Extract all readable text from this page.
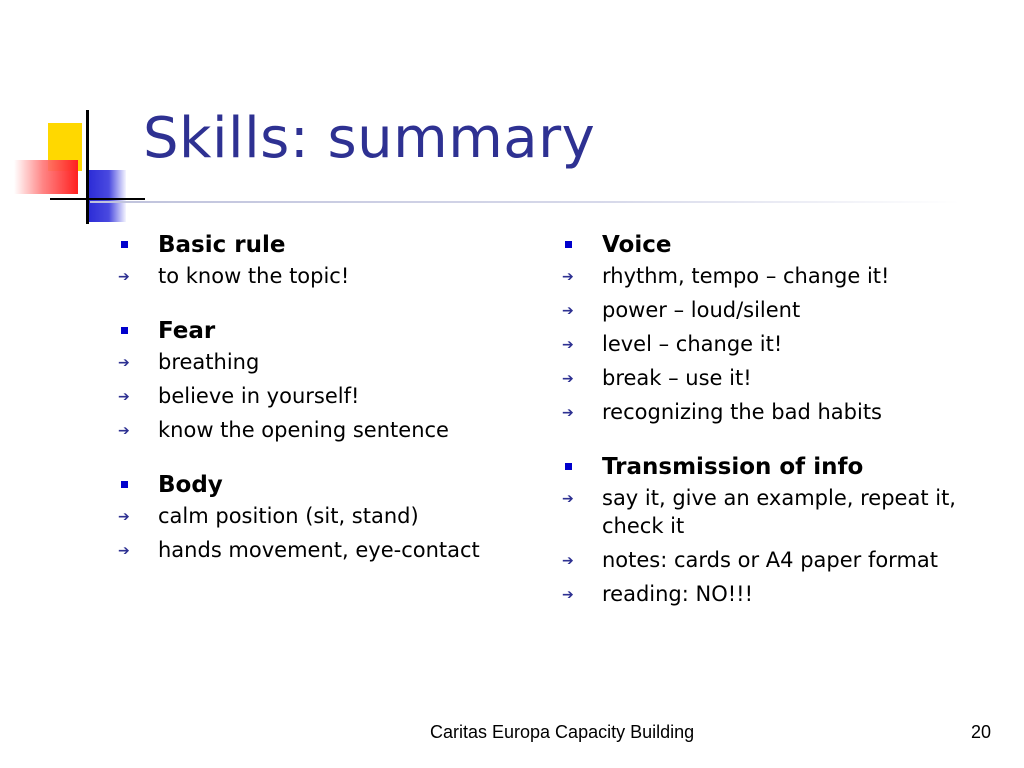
Skills: summary
Basic rule
➔	to know the topic!
Fear
➔	breathing
➔	believe in yourself!
➔	know the opening sentence
Body
➔	calm position (sit, stand)
➔	hands movement, eye-contact
Voice
➔	rhythm, tempo – change it!
➔	power – loud/silent
➔	level – change it!
➔	break – use it!
➔	recognizing the bad habits
Transmission of info
➔	say it, give an example, repeat it, check it
➔	notes: cards or A4 paper format
➔	reading: NO!!!
Caritas Europa Capacity Building	20
